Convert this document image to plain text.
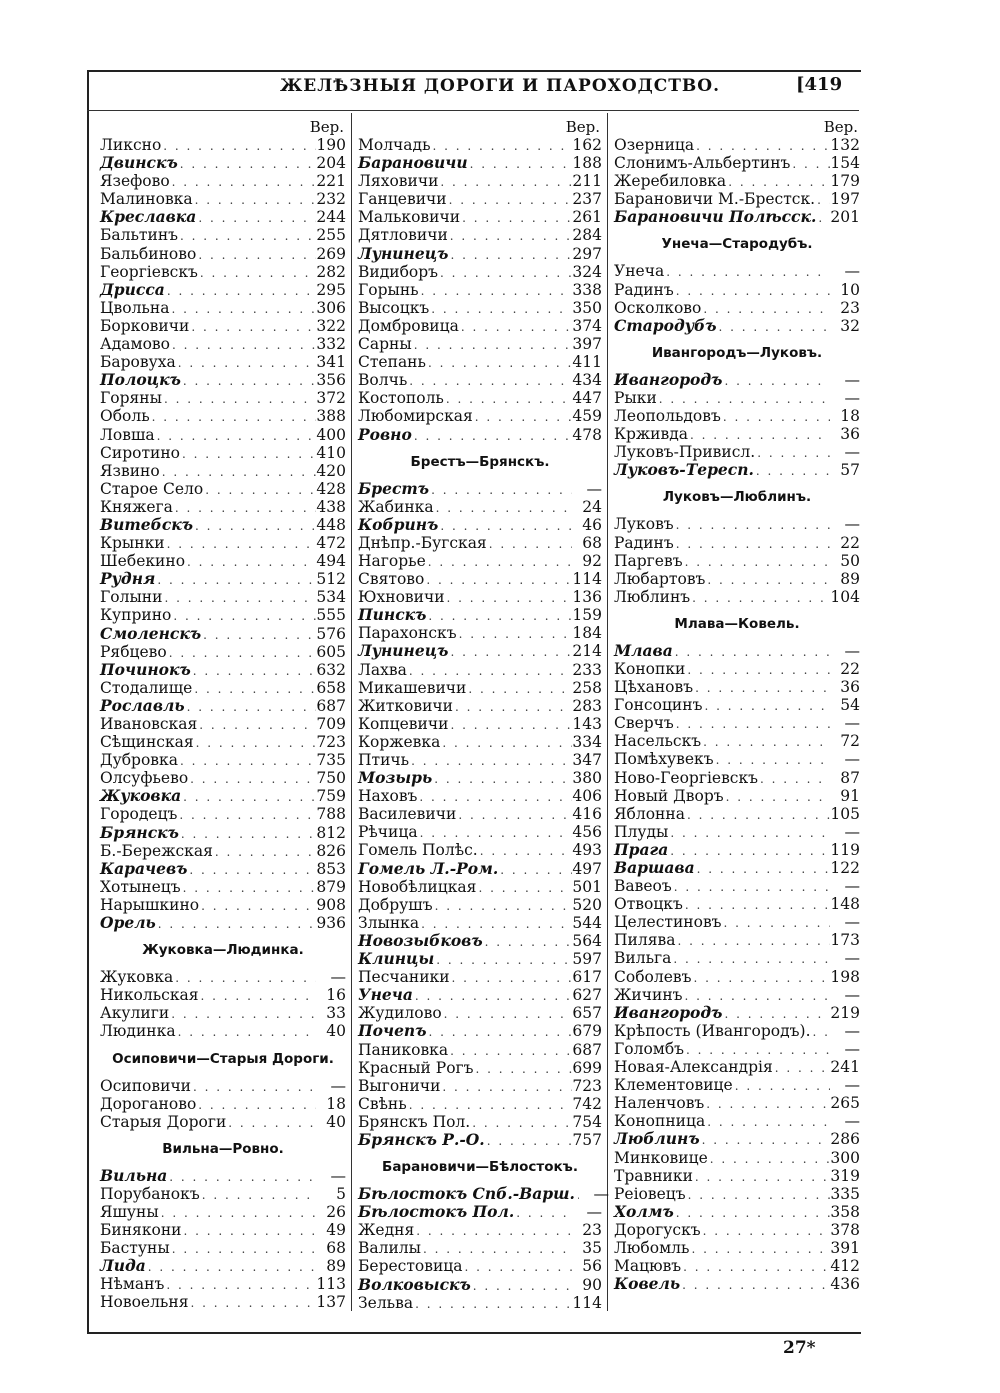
ЖЕЛѢЗНЫЯ ДОРОГИ И ПАРОХОДСТВО.	[419
Вер.
Ликсно . . .	190
Двинскъ . . .	204
Язефово . . .	221
Малиновка . . .	232
Креславка . . .	244
Бальтинъ . . .	255
Бальбиново . . .	269
Георгіевскъ . . .	282
Дрисса . . .	295
Цвольна . . .	306
Борковичи . . .	322
Адамово . . .	332
Баровуха . . .	341
Полоцкъ . . .	356
Горяны . . .	372
Оболь . . .	388
Ловша . . .	400
Сиротино . . .	410
Язвино . . .	420
Старое Село . . .	428
Княжега . . .	438
Витебскъ . . .	448
Крынки . . .	472
Шебекино . . .	494
Рудня . . .	512
Голыни . . .	534
Куприно . . .	555
Смоленскъ . . .	576
Рябцево . . .	605
Починокъ . . .	632
Стодалище . . .	658
Рославль . . .	687
Ивановская . . .	709
Сѣщинская . . .	723
Дубровка . . .	735
Олсуфьево . . .	750
Жуковка . . .	759
Городецъ . . .	788
Брянскъ . . .	812
Б.-Бережская . . .	826
Карачевъ . . .	853
Хотынецъ . . .	879
Нарышкино . . .	908
Орель . . .	936
Жуковка—Людинка.
Жуковка . . .	—
Никольская . . .	16
Акулиги . . .	33
Людинка . . .	40
Осиповичи—Старыя Дороги.
Осиповичи . . .	—
Дороганово . . .	18
Старыя Дороги . . .	40
Вильна—Ровно.
Вильна . . .	—
Порубанокъ . . .	5
Яшуны . . .	26
Бинякони . . .	49
Бастуны . . .	68
Лида . . .	89
Нѣманъ . . .	113
Новоельня . . .	137
Вер.
Молчадь . . .	162
Барановичи . . .	188
Ляховичи . . .	211
Ганцевичи . . .	237
Мальковичи . . .	261
Дятловичи . . .	284
Лунинецъ . . .	297
Видиборъ . . .	324
Горынь . . .	338
Высоцкъ . . .	350
Домбровица . . .	374
Сарны . . .	397
Степань . . .	411
Волчь . . .	434
Костополь . . .	447
Любомирская . . .	459
Ровно . . .	478
Брестъ—Брянскъ.
Брестъ . . .	—
Жабинка . . .	24
Кобринъ . . .	46
Днѣпр.-Бугская . . .	68
Нагорье . . .	92
Святово . . .	114
Юхновичи . . .	136
Пинскъ . . .	159
Парахонскъ . . .	184
Лунинецъ . . .	214
Лахва . . .	233
Микашевичи . . .	258
Житковичи . . .	283
Копцевичи . . .	143
Коржевка . . .	334
Птичь . . .	347
Мозырь . . .	380
Наховъ . . .	406
Василевичи . . .	416
Рѣчица . . .	456
Гомель Полѣс. . . .	493
Гомель Л.-Ром. . . .	497
Новобѣлицкая . . .	501
Добрушъ . . .	520
Злынка . . .	544
Новозыбковъ . . .	564
Клинцы . . .	597
Песчаники . . .	617
Унеча . . .	627
Жудилово . . .	657
Почепъ . . .	679
Паниковка . . .	687
Красный Рогъ . . .	699
Выгоничи . . .	723
Свѣнь . . .	742
Брянскъ Пол. . . .	754
Брянскъ Р.-О. . . .	757
Барановичи—Бѣлостокъ.
Бѣлостокъ Спб.-Варш. . . .	—
Бѣлостокъ Пол. . . .	—
Жедня . . .	23
Валилы . . .	35
Берестовица . . .	56
Волковыскъ . . .	90
Зельва . . .	114
Вер.
Озерница . . .	132
Слонимъ-Альбертинъ . . .	154
Жеребиловка . . .	179
Барановичи М.-Брестск. . . . 197
Барановичи Полѣсск. . . . 201
Унеча—Стародубъ.
Унеча . . .	—
Радинъ . . .	10
Осколково . . .	23
Стародубъ . . .	32
Ивангородъ—Луковъ.
Ивангородъ . . .	—
Рыки . . .	—
Леопольдовъ . . .	18
Крживда . . .	36
Луковъ-Привисл. . . .	—
Луковъ-Тересп. . . .	57
Луковъ—Люблинъ.
Луковъ . . .	—
Радинъ . . .	22
Паргевъ . . .	50
Любартовъ . . .	89
Люблинъ . . .	104
Млава—Ковель.
Млава . . .	—
Конопки . . .	22
Цѣхановъ . . .	36
Гонсоцинъ . . .	54
Сверчъ . . .	—
Насельскъ . . .	72
Помѣхувекъ . . .	—
Ново-Георгіевскъ . . .	87
Новый Дворъ . . .	91
Яблонна . . .	105
Плуды . . .	—
Прага . . .	119
Варшава . . .	122
Вавеоъ . . .	—
Отвоцкъ . . .	148
Целестиновъ . . .	—
Пилява . . .	173
Вильга . . .	—
Соболевъ . . .	198
Жичинъ . . .	—
Ивангородъ . . .	219
Крѣпость (Ивангородъ). . . .	—
Голомбъ . . .	—
Новая-Александрія . . .	241
Клементовице . . .	—
Наленчовъ . . .	265
Конопница . . .	—
Люблинъ . . .	286
Минковице . . .	300
Травники . . .	319
Реіовецъ . . .	335
Холмъ . . .	358
Дорогускъ . . .	378
Любомль . . .	391
Мацювъ . . .	412
Ковель . . .	436
27*
